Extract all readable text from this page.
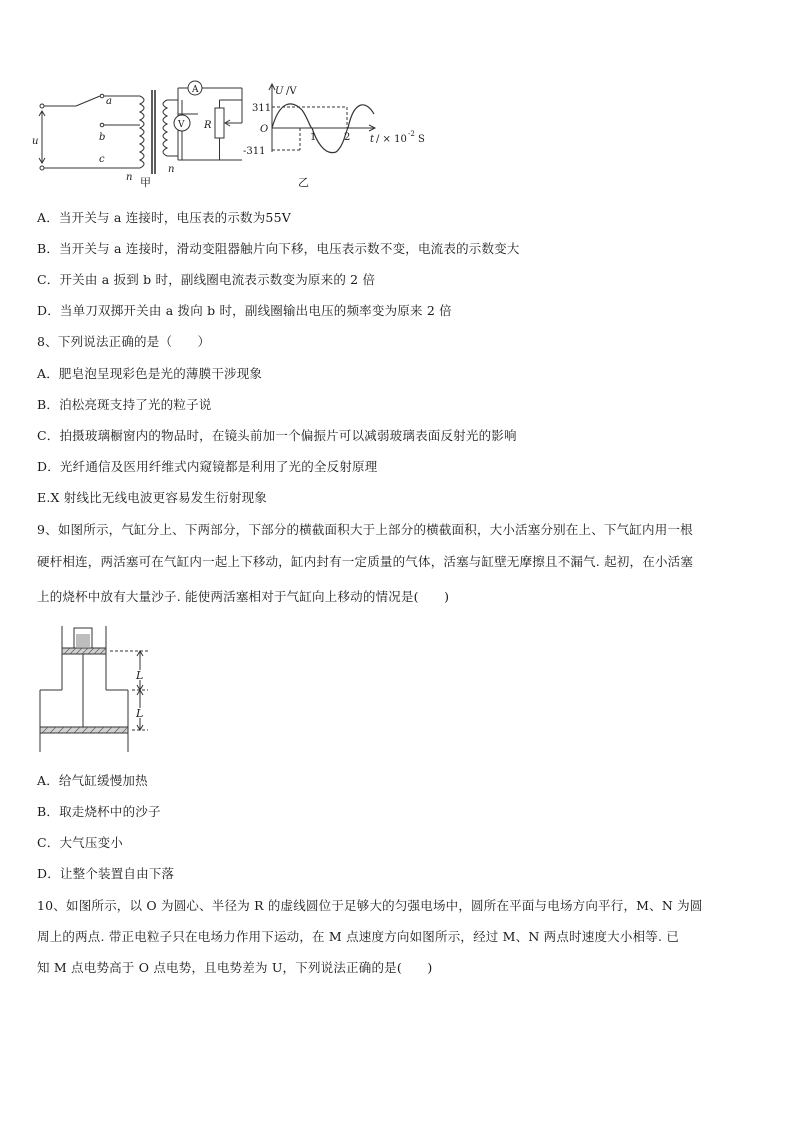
A
V R
a
b
c
u
n
n
甲
U /V
311
-311
O
1	2 t / × 10 -2 S
乙
A．当开关与 a 连接时，电压表的示数为55V
B．当开关与 a 连接时，滑动变阻器触片向下移，电压表示数不变，电流表的示数变大
C．开关由 a 扳到 b 时，副线圈电流表示数变为原来的 2 倍
D．当单刀双掷开关由 a 拨向 b 时，副线圈输出电压的频率变为原来 2 倍
8、下列说法正确的是（　　）
A．肥皂泡呈现彩色是光的薄膜干涉现象
B．泊松亮斑支持了光的粒子说
C．拍摄玻璃橱窗内的物品时，在镜头前加一个偏振片可以减弱玻璃表面反射光的影响
D．光纤通信及医用纤维式内窥镜都是利用了光的全反射原理
E.X 射线比无线电波更容易发生衍射现象
9、如图所示，气缸分上、下两部分，下部分的横截面积大于上部分的横截面积，大小活塞分别在上、下气缸内用一根
硬杆相连，两活塞可在气缸内一起上下移动，缸内封有一定质量的气体，活塞与缸壁无摩擦且不漏气. 起初，在小活塞
上的烧杯中放有大量沙子. 能使两活塞相对于气缸向上移动的情况是(　　)
L
L
A．给气缸缓慢加热
B．取走烧杯中的沙子
C．大气压变小
D．让整个装置自由下落
10、如图所示，以 O 为圆心、半径为 R 的虚线圆位于足够大的匀强电场中，圆所在平面与电场方向平行，M、N 为圆
周上的两点. 带正电粒子只在电场力作用下运动，在 M 点速度方向如图所示，经过 M、N 两点时速度大小相等. 已
知 M 点电势高于 O 点电势，且电势差为 U，下列说法正确的是(　　)
